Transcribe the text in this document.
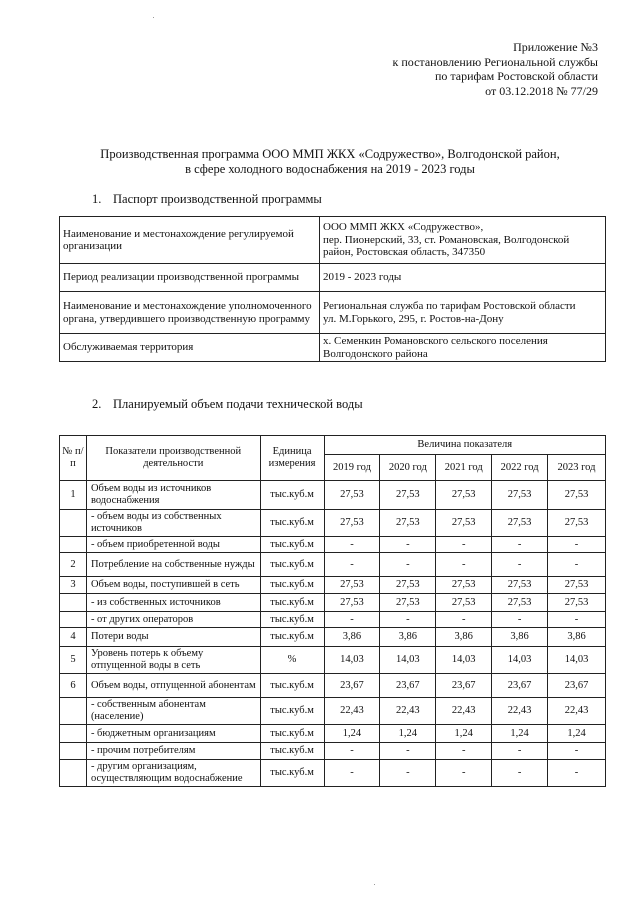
Приложение №3
к постановлению Региональной службы
по тарифам Ростовской области
от 03.12.2018 № 77/29
Производственная программа ООО ММП ЖКХ «Содружество», Волгодонской район,
в сфере холодного водоснабжения на 2019 - 2023 годы
1. Паспорт производственной программы
Наименование и местонахождение регулируемой организации	ООО ММП ЖКХ «Содружество»,
пер. Пионерский, 33, ст. Романовская, Волгодонской район, Ростовская область, 347350

Период реализации производственной программы	2019 - 2023 годы

Наименование и местонахождение уполномоченного органа, утвердившего производственную программу	Региональная служба по тарифам Ростовской области
ул. М.Горького, 295, г. Ростов-на-Дону

Обслуживаемая территория	х. Семенкин Романовского сельского поселения Волгодонского района
2. Планируемый объем подачи технической воды
№ п/п	Показатели производственной деятельности	Единица измерения	Величина показателя				
			2019 год	2020 год	2021 год	2022 год	2023 год
1	Объем воды из источников водоснабжения	тыс.куб.м	27,53	27,53	27,53	27,53	27,53
	- объем воды из собственных источников	тыс.куб.м	27,53	27,53	27,53	27,53	27,53
	- объем приобретенной воды	тыс.куб.м	-	-	-	-	-
2	Потребление на собственные нужды	тыс.куб.м	-	-	-	-	-
3	Объем воды, поступившей в сеть	тыс.куб.м	27,53	27,53	27,53	27,53	27,53
	- из собственных источников	тыс.куб.м	27,53	27,53	27,53	27,53	27,53
	- от других операторов	тыс.куб.м	-	-	-	-	-
4	Потери воды	тыс.куб.м	3,86	3,86	3,86	3,86	3,86
5	Уровень потерь к объему отпущенной воды в сеть	%	14,03	14,03	14,03	14,03	14,03
6	Объем воды, отпущенной абонентам	тыс.куб.м	23,67	23,67	23,67	23,67	23,67
	- собственным абонентам (население)	тыс.куб.м	22,43	22,43	22,43	22,43	22,43
	- бюджетным организациям	тыс.куб.м	1,24	1,24	1,24	1,24	1,24
	- прочим потребителям	тыс.куб.м	-	-	-	-	-
	- другим организациям, осуществляющим водоснабжение	тыс.куб.м	-	-	-	-	-
